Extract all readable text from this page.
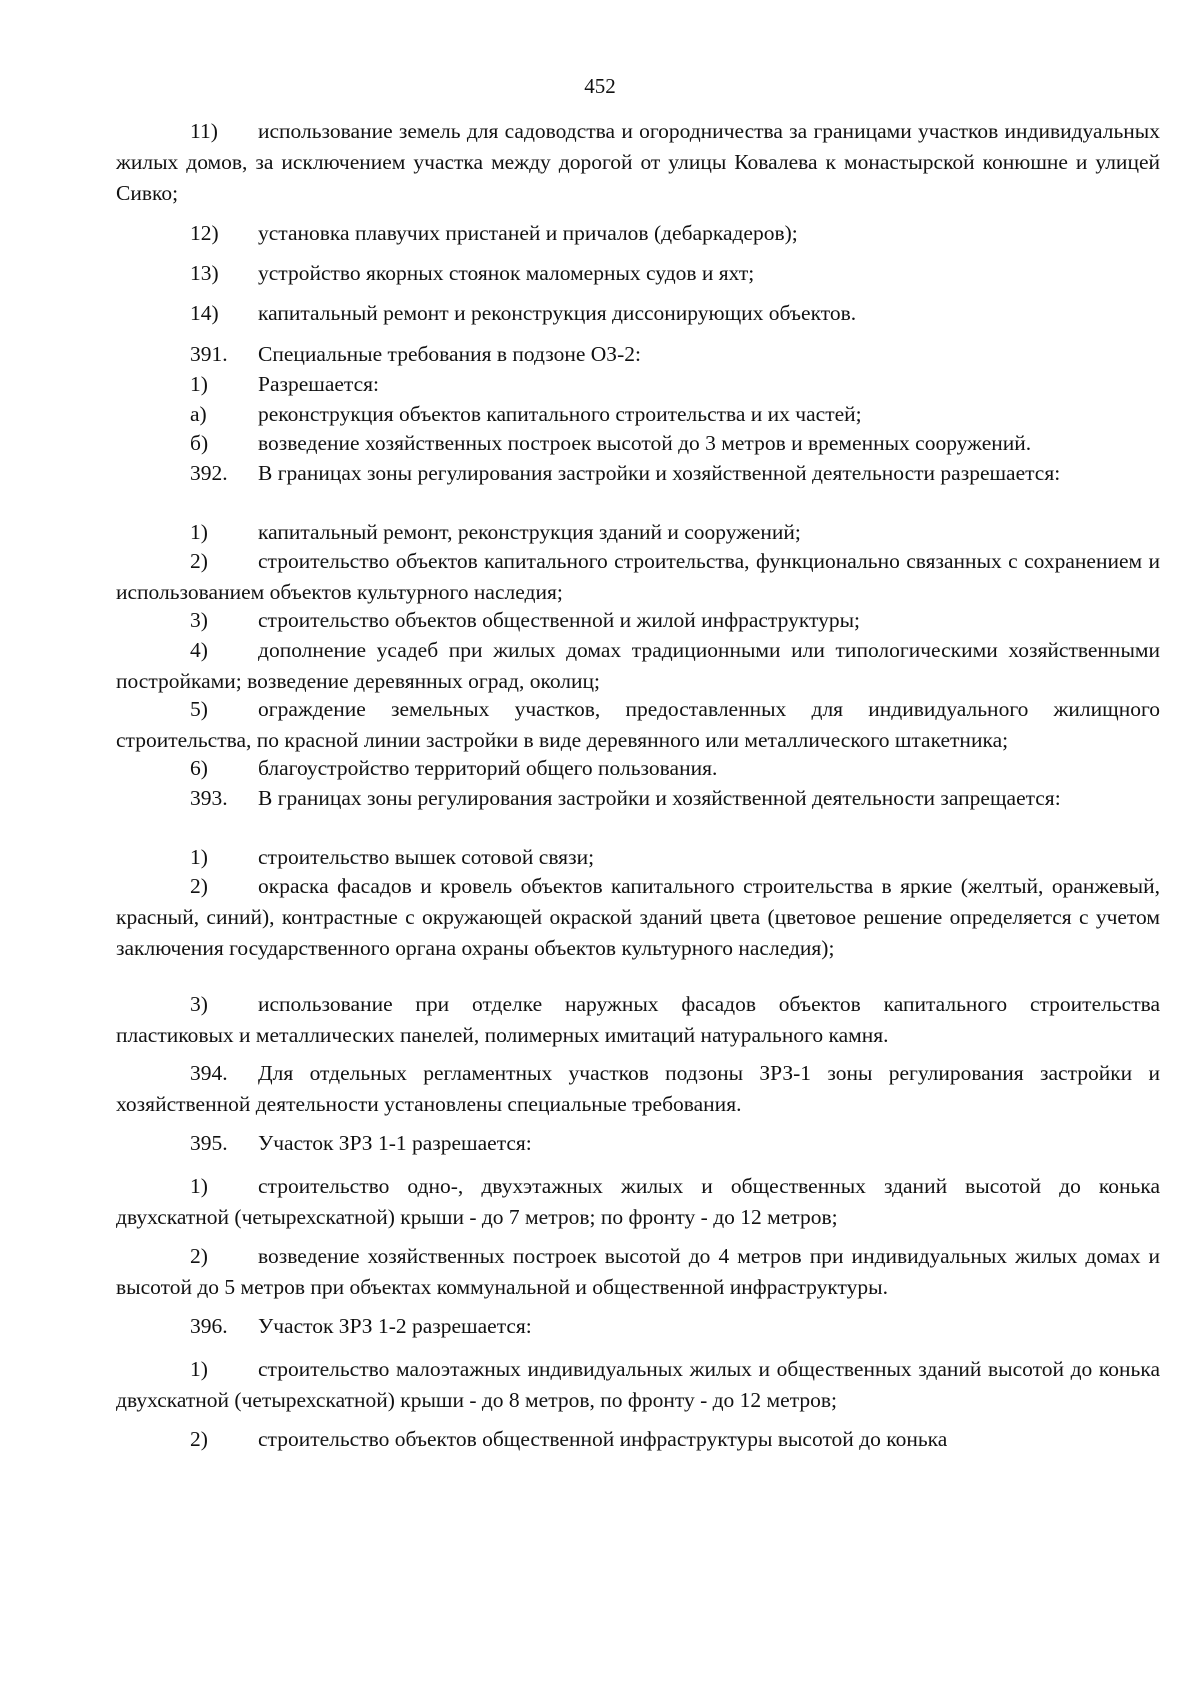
452
11) использование земель для садоводства и огородничества за границами участков индивидуальных жилых домов, за исключением участка между дорогой от улицы Ковалева к монастырской конюшне и улицей Сивко;
12) установка плавучих пристаней и причалов (дебаркадеров);
13) устройство якорных стоянок маломерных судов и яхт;
14) капитальный ремонт и реконструкция диссонирующих объектов.
391. Специальные требования в подзоне ОЗ-2:
1) Разрешается:
а) реконструкция объектов капитального строительства и их частей;
б) возведение хозяйственных построек высотой до 3 метров и временных сооружений.
392. В границах зоны регулирования застройки и хозяйственной деятельности разрешается:
1) капитальный ремонт, реконструкция зданий и сооружений;
2) строительство объектов капитального строительства, функционально связанных с сохранением и использованием объектов культурного наследия;
3) строительство объектов общественной и жилой инфраструктуры;
4) дополнение усадеб при жилых домах традиционными или типологическими хозяйственными постройками; возведение деревянных оград, околиц;
5) ограждение земельных участков, предоставленных для индивидуального жилищного строительства, по красной линии застройки в виде деревянного или металлического штакетника;
6) благоустройство территорий общего пользования.
393. В границах зоны регулирования застройки и хозяйственной деятельности запрещается:
1) строительство вышек сотовой связи;
2) окраска фасадов и кровель объектов капитального строительства в яркие (желтый, оранжевый, красный, синий), контрастные с окружающей окраской зданий цвета (цветовое решение определяется с учетом заключения государственного органа охраны объектов культурного наследия);
3) использование при отделке наружных фасадов объектов капитального строительства пластиковых и металлических панелей, полимерных имитаций натурального камня.
394. Для отдельных регламентных участков подзоны ЗРЗ-1 зоны регулирования застройки и хозяйственной деятельности установлены специальные требования.
395. Участок ЗРЗ 1-1 разрешается:
1) строительство одно-, двухэтажных жилых и общественных зданий высотой до конька двухскатной (четырехскатной) крыши - до 7 метров; по фронту - до 12 метров;
2) возведение хозяйственных построек высотой до 4 метров при индивидуальных жилых домах и высотой до 5 метров при объектах коммунальной и общественной инфраструктуры.
396. Участок ЗРЗ 1-2 разрешается:
1) строительство малоэтажных индивидуальных жилых и общественных зданий высотой до конька двухскатной (четырехскатной) крыши - до 8 метров, по фронту - до 12 метров;
2) строительство объектов общественной инфраструктуры высотой до конька
